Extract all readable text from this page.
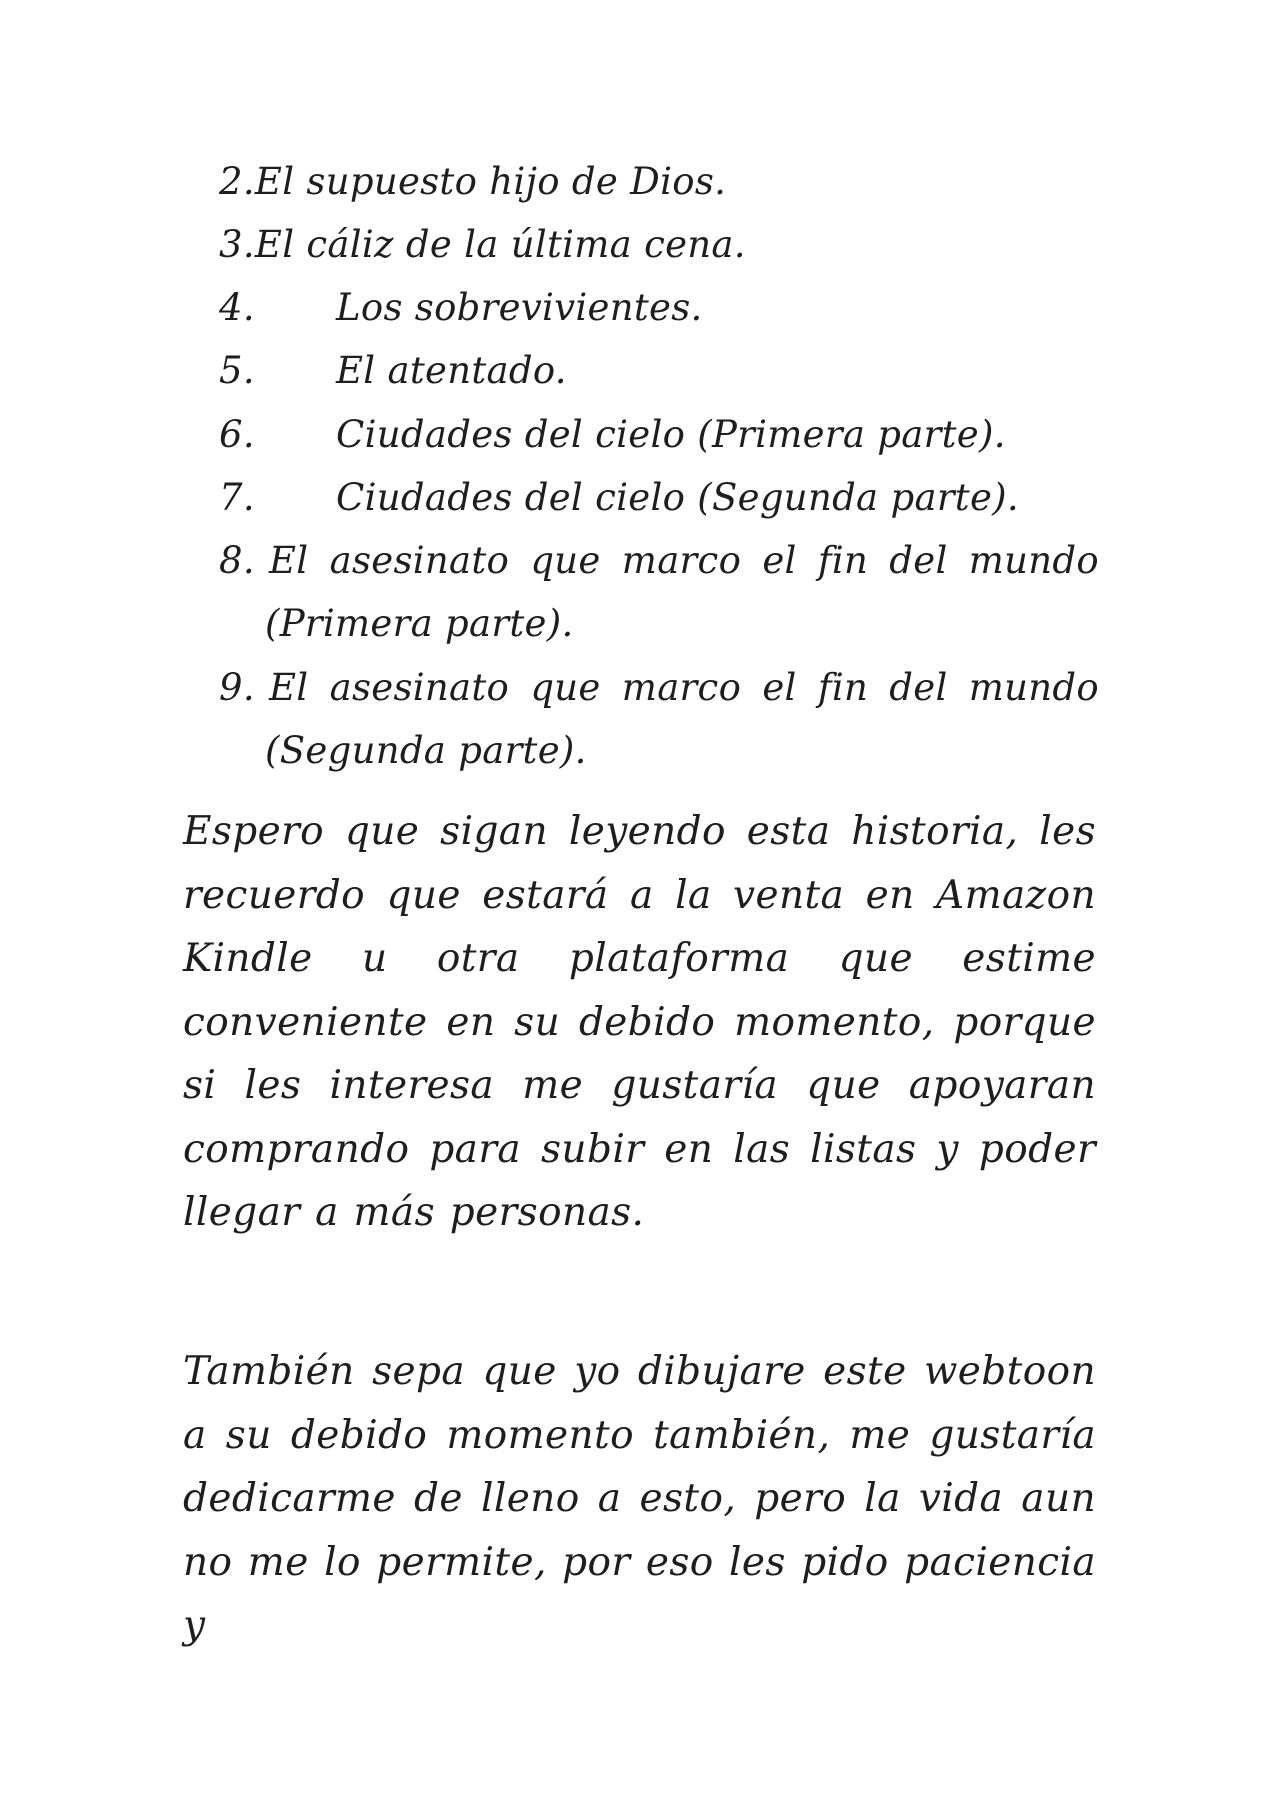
2.El supuesto hijo de Dios.
3.El cáliz de la última cena.
4. Los sobrevivientes.
5. El atentado.
6. Ciudades del cielo (Primera parte).
7. Ciudades del cielo (Segunda parte).
8. El asesinato que marco el fin del mundo
(Primera parte).
9. El asesinato que marco el fin del mundo
(Segunda parte).

Espero que sigan leyendo esta historia, les recuerdo que estará a la venta en Amazon Kindle u otra plataforma que estime conveniente en su debido momento, porque si les interesa me gustaría que apoyaran comprando para subir en las listas y poder llegar a más personas.

También sepa que yo dibujare este webtoon a su debido momento también, me gustaría dedicarme de lleno a esto, pero la vida aun no me lo permite, por eso les pido paciencia y
